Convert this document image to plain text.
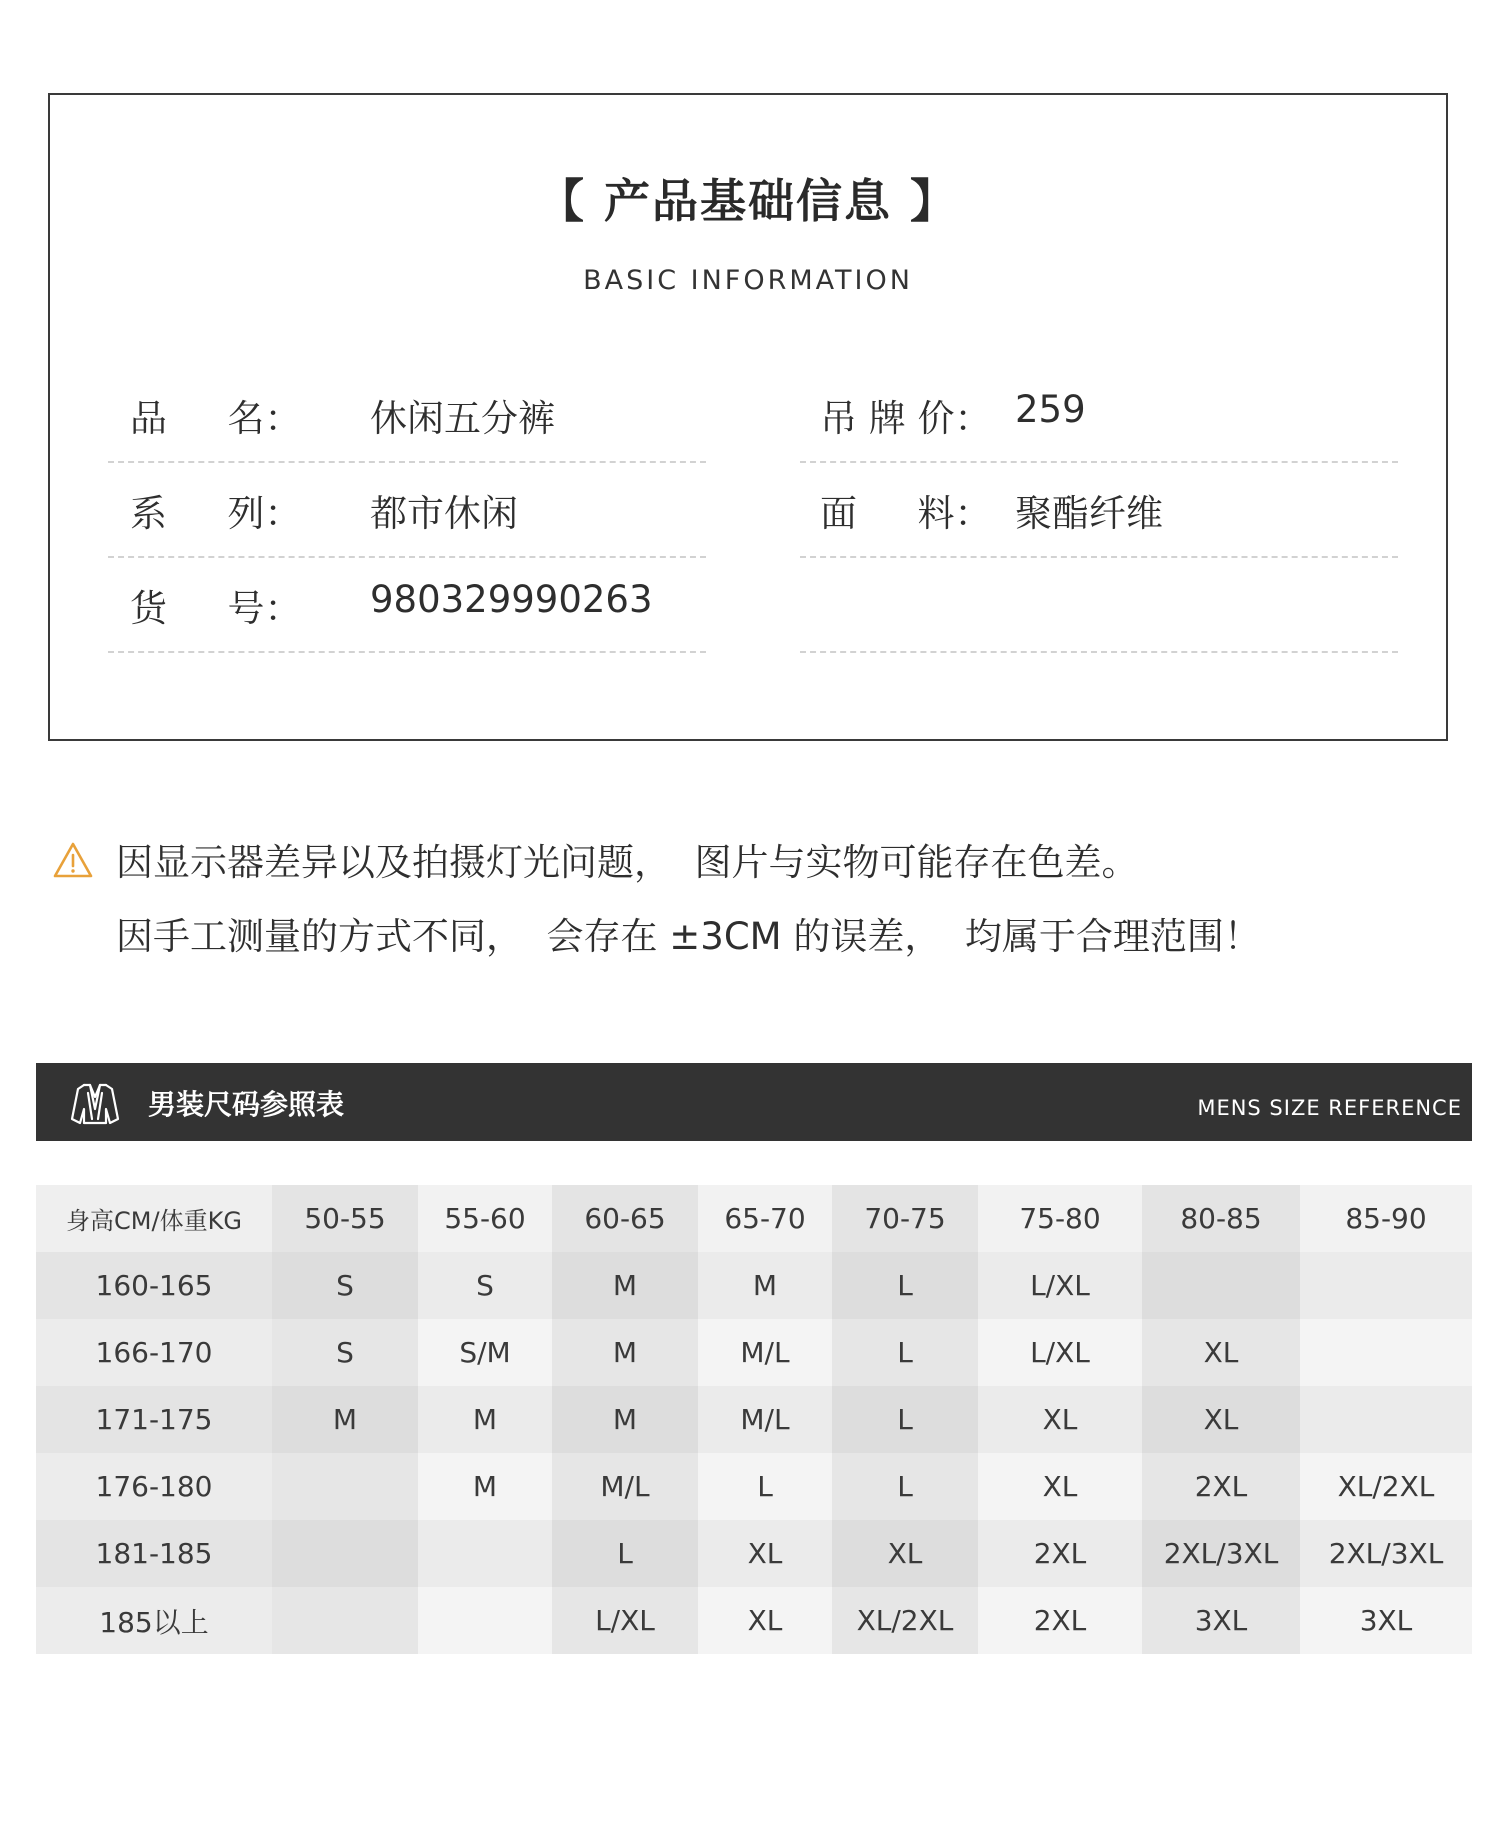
【 产品基础信息 】
BASIC INFORMATION
品　  名： 休闲五分裤
系　  列： 都市休闲
货　  号： 980329990263
吊 牌 价： 259
面　  料： 聚酯纤维
因显示器差异以及拍摄灯光问题，  图片与实物可能存在色差。
因手工测量的方式不同，  会存在 ±3CM 的误差，  均属于合理范围！
男装尺码参照表	MENS SIZE REFERENCE
身高CM/体重KG	50-55	55-60	60-65	65-70	70-75	75-80	80-85	85-90
160-165	S	S	M	M	L	L/XL		
166-170	S	S/M	M	M/L	L	L/XL	XL	
171-175	M	M	M	M/L	L	XL	XL	
176-180		M	M/L	L	L	XL	2XL	XL/2XL
181-185			L	XL	XL	2XL	2XL/3XL	2XL/3XL
185以上			L/XL	XL	XL/2XL	2XL	3XL	3XL
